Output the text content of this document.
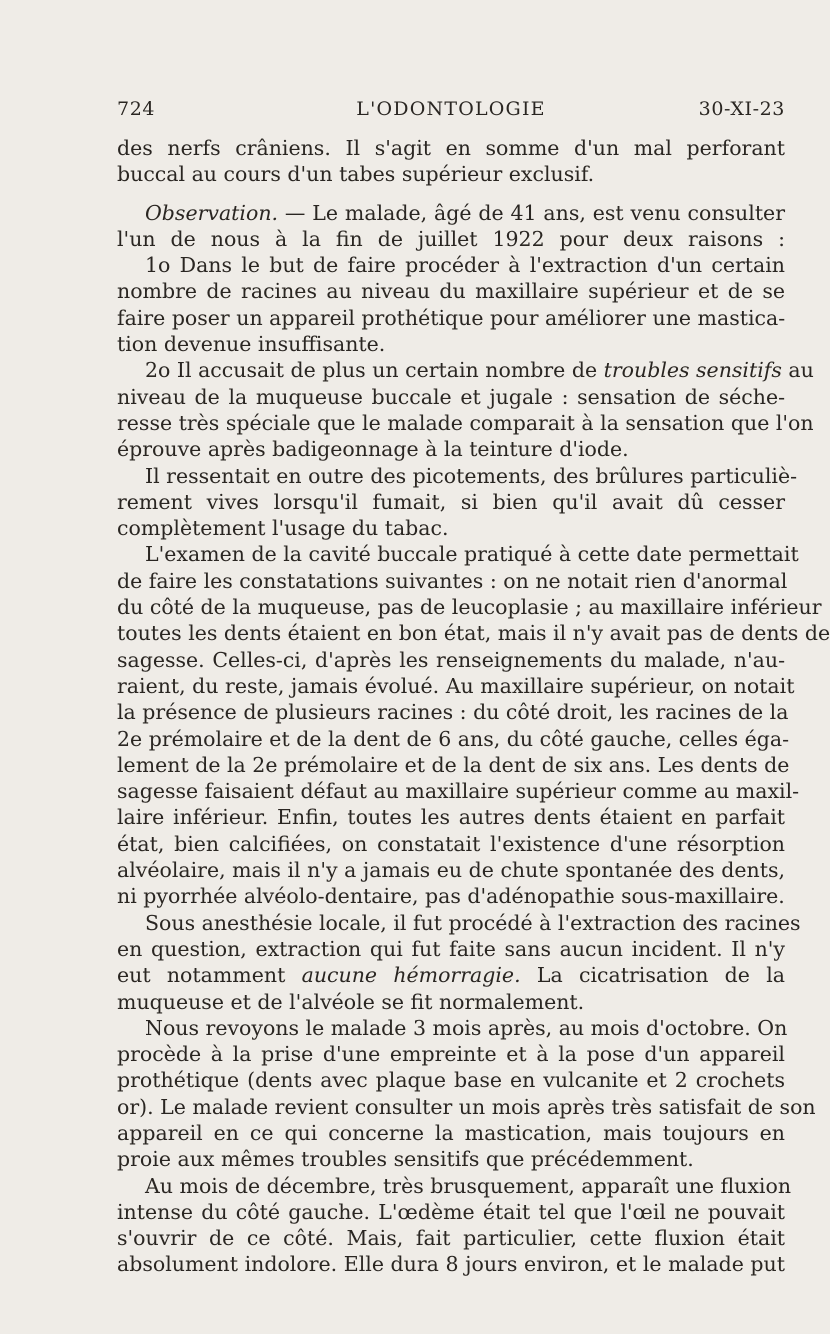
724	L'ODONTOLOGIE	30-XI-23
des nerfs crâniens. Il s'agit en somme d'un mal perforant
buccal au cours d'un tabes supérieur exclusif.
Observation. — Le malade, âgé de 41 ans, est venu consulter
l'un de nous à la fin de juillet 1922 pour deux raisons :
1o Dans le but de faire procéder à l'extraction d'un certain
nombre de racines au niveau du maxillaire supérieur et de se
faire poser un appareil prothétique pour améliorer une mastica-
tion devenue insuffisante.
2o Il accusait de plus un certain nombre de troubles sensitifs au
niveau de la muqueuse buccale et jugale : sensation de séche-
resse très spéciale que le malade comparait à la sensation que l'on
éprouve après badigeonnage à la teinture d'iode.
Il ressentait en outre des picotements, des brûlures particuliè-
rement vives lorsqu'il fumait, si bien qu'il avait dû cesser
complètement l'usage du tabac.
L'examen de la cavité buccale pratiqué à cette date permettait
de faire les constatations suivantes : on ne notait rien d'anormal
du côté de la muqueuse, pas de leucoplasie ; au maxillaire inférieur
toutes les dents étaient en bon état, mais il n'y avait pas de dents de
sagesse. Celles-ci, d'après les renseignements du malade, n'au-
raient, du reste, jamais évolué. Au maxillaire supérieur, on notait
la présence de plusieurs racines : du côté droit, les racines de la
2e prémolaire et de la dent de 6 ans, du côté gauche, celles éga-
lement de la 2e prémolaire et de la dent de six ans. Les dents de
sagesse faisaient défaut au maxillaire supérieur comme au maxil-
laire inférieur. Enfin, toutes les autres dents étaient en parfait
état, bien calcifiées, on constatait l'existence d'une résorption
alvéolaire, mais il n'y a jamais eu de chute spontanée des dents,
ni pyorrhée alvéolo-dentaire, pas d'adénopathie sous-maxillaire.
Sous anesthésie locale, il fut procédé à l'extraction des racines
en question, extraction qui fut faite sans aucun incident. Il n'y
eut notamment aucune hémorragie. La cicatrisation de la
muqueuse et de l'alvéole se fit normalement.
Nous revoyons le malade 3 mois après, au mois d'octobre. On
procède à la prise d'une empreinte et à la pose d'un appareil
prothétique (dents avec plaque base en vulcanite et 2 crochets
or). Le malade revient consulter un mois après très satisfait de son
appareil en ce qui concerne la mastication, mais toujours en
proie aux mêmes troubles sensitifs que précédemment.
Au mois de décembre, très brusquement, apparaît une fluxion
intense du côté gauche. L'œdème était tel que l'œil ne pouvait
s'ouvrir de ce côté. Mais, fait particulier, cette fluxion était
absolument indolore. Elle dura 8 jours environ, et le malade put
